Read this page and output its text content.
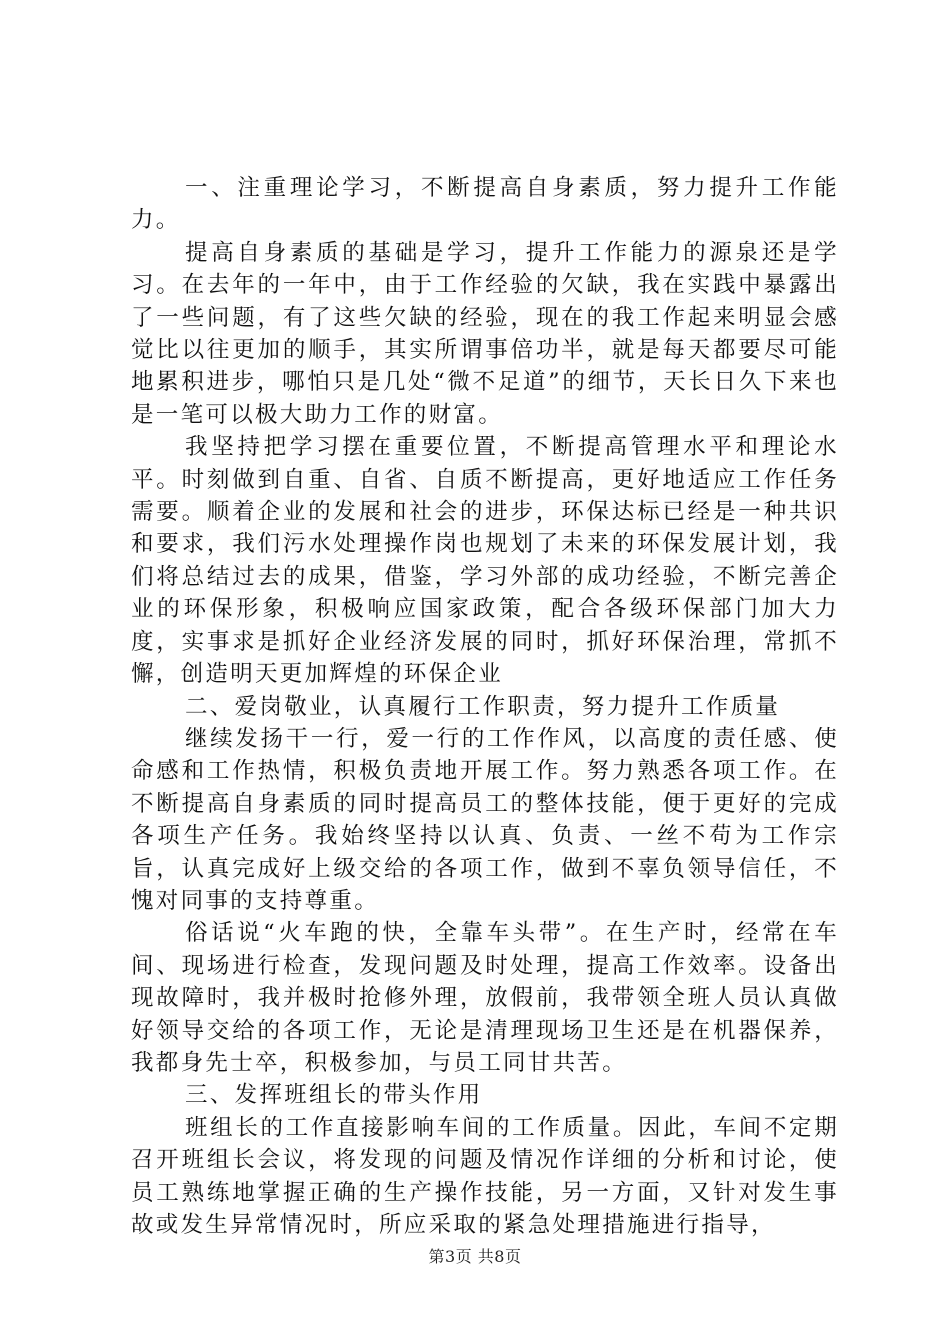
一、注重理论学习，不断提高自身素质，努力提升工作能力。

提高自身素质的基础是学习，提升工作能力的源泉还是学习。在去年的一年中，由于工作经验的欠缺，我在实践中暴露出了一些问题，有了这些欠缺的经验，现在的我工作起来明显会感觉比以往更加的顺手，其实所谓事倍功半，就是每天都要尽可能地累积进步，哪怕只是几处“微不足道”的细节，天长日久下来也是一笔可以极大助力工作的财富。

我坚持把学习摆在重要位置，不断提高管理水平和理论水平。时刻做到自重、自省、自质不断提高，更好地适应工作任务需要。顺着企业的发展和社会的进步，环保达标已经是一种共识和要求，我们污水处理操作岗也规划了未来的环保发展计划，我们将总结过去的成果，借鉴，学习外部的成功经验，不断完善企业的环保形象，积极响应国家政策，配合各级环保部门加大力度，实事求是抓好企业经济发展的同时，抓好环保治理，常抓不懈，创造明天更加辉煌的环保企业

二、爱岗敬业，认真履行工作职责，努力提升工作质量

继续发扬干一行，爱一行的工作作风，以高度的责任感、使命感和工作热情，积极负责地开展工作。努力熟悉各项工作。在不断提高自身素质的同时提高员工的整体技能，便于更好的完成各项生产任务。我始终坚持以认真、负责、一丝不苟为工作宗旨，认真完成好上级交给的各项工作，做到不辜负领导信任，不愧对同事的支持尊重。

俗话说“火车跑的快，全靠车头带”。在生产时，经常在车间、现场进行检查，发现问题及时处理，提高工作效率。设备出现故障时，我并极时抢修外理，放假前，我带领全班人员认真做好领导交给的各项工作，无论是清理现场卫生还是在机器保养，我都身先士卒，积极参加，与员工同甘共苦。

三、发挥班组长的带头作用

班组长的工作直接影响车间的工作质量。因此，车间不定期召开班组长会议，将发现的问题及情况作详细的分析和讨论，使员工熟练地掌握正确的生产操作技能，另一方面，又针对发生事故或发生异常情况时，所应采取的紧急处理措施进行指导，

第3页 共8页
